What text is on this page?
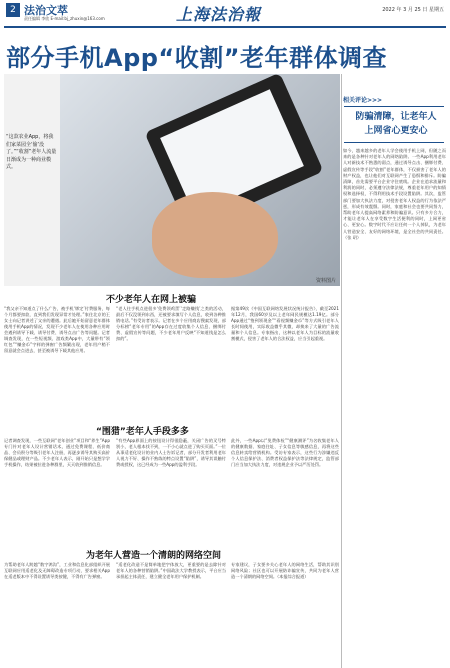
2 法治文萃
责任编辑 李欣 E-mail:bj_zhuxin@163.com	上海法治報	2022 年 3 月 25 日 星期五
部分手机App“收割”老年群体调查
资料图片
“这款农业App，将我们家菜园全‘偷’没了。”“收割”老年人流量日渐成为一种商业模式。
不少老年人在网上被骗
“我父亲不知道点了什么广告，被手机‘绑定’付费服务，每个月都要扣款，直到我们发现异常才处理。”家住北京的王女士向记者讲述了父亲的遭遇。此后她开始留意老年群体使用手机App的情况，发现不少老年人在使用各种应用时会遇到诱导下载、诱导付费、诱导点击广告等问题。记者调查发现，在一些短视频、游戏类App中，大量带有“领红包”“赚金币”字样的弹窗广告频繁出现，老年用户稍不留意就会点进去，甚至被诱导下载其他应用。
“老人往手机点进很多‘免费领鸡蛋’‘走路赚钱’之类的活动，最后不仅没领到东西，还被要求填写个人信息，收到各种推销电话。”有受访者表示。记者在多个应用商店搜索发现，部分标榜“老年专用”的App存在过度收集个人信息、捆绑付费、虚假宣传等问题，不少老年用户反映“不知道钱是怎么扣的”。
据第49次《中国互联网络发展状况统计报告》，截至2021年12月，我国60岁及以上老年网民规模达1.19亿。部分App通过“签到领现金”“看视频赚金币”等方式吸引老年人长时间使用，实际收益微乎其微，却换来了大量的广告流量和个人信息。专家指出，这种以老年人为目标的流量收割模式，侵害了老年人的合法权益，应当引起重视。
“围猎”老年人手段多多
记者调查发现，一些互联网“老年创业”项目和“养生”App专门针对老年人设计营销话术，通过免费课程、低价商品、会员积分等吸引老年人注册，再逐步诱导其购买高价保健品或理财产品。不少老年人表示，刚开始只是想学学手机操作，结果被拉进各种群里，天天收到推销信息。
“有些App界面上的按钮设计得很隐蔽，关闭广告的叉号特别小，老人根本找不到，一不小心就点进了购买页面。”一位从事适老化设计的业内人士告诉记者，部分开发者利用老年人视力不好、操作不熟练的特点设置“陷阱”，诱导其误触付费或授权，这已经成为一些App的盈利手段。
此外，一些App以“免费体检”“健康测评”为名收集老年人的健康数据、家庭住址、子女信息等敏感信息，再将这些信息转卖给营销机构。受访专家表示，这些行为涉嫌违反个人信息保护法、消费者权益保护法等法律规定，监管部门应当加大执法力度，对违规企业予以严厉处罚。
为老年人营造一个清朗的网络空间
为帮助老年人跨越“数字鸿沟”，工业和信息化部组织开展互联网应用适老化及无障碍改造专项行动，要求相关App在适老版本中不得设置诱导类按键，不得有广告弹窗。
“适老化改造不是简单地把字体放大，更重要的是去除针对老年人的各种营销陷阱。”中国政法大学教授表示，平台应当承担起主体责任，建立健全老年用户保护机制。
专家建议，子女要多关心老年人的网络生活，帮助其识别网络风险；社区也可以开展防诈骗宣传，共同为老年人营造一个清朗的网络空间。（本报综合报道）
相关评论>>>
防骗清障，让老年人
上网省心更安心
如今，越来越多的老年人学会使用手机上网，但随之而来的是各种针对老年人的网络陷阱。一些App利用老年人对新技术不熟悉的弱点，通过诱导点击、捆绑付费、虚假宣传等手段“收割”老年群体，不仅损害了老年人的财产权益，也让他们对互联网产生了恐惧和排斥。防骗清障，首先需要平台企业守住底线。企业在追求流量和利润的同时，必须遵守法律法规，尊重老年用户的知情权和选择权，不得利用技术手段设置陷阱。其次，监管部门要加大执法力度，对侵害老年人权益的行为依法严惩，形成有效震慑。同时，家庭和社会也要共同努力，帮助老年人提高网络素养和防骗意识。只有多方合力，才能让老年人在享受数字生活便利的同时，上网更省心、更安心。数字时代不应让任何一个人掉队，为老年人营造安全、友好的网络环境，是全社会的共同责任。（张 玥）
